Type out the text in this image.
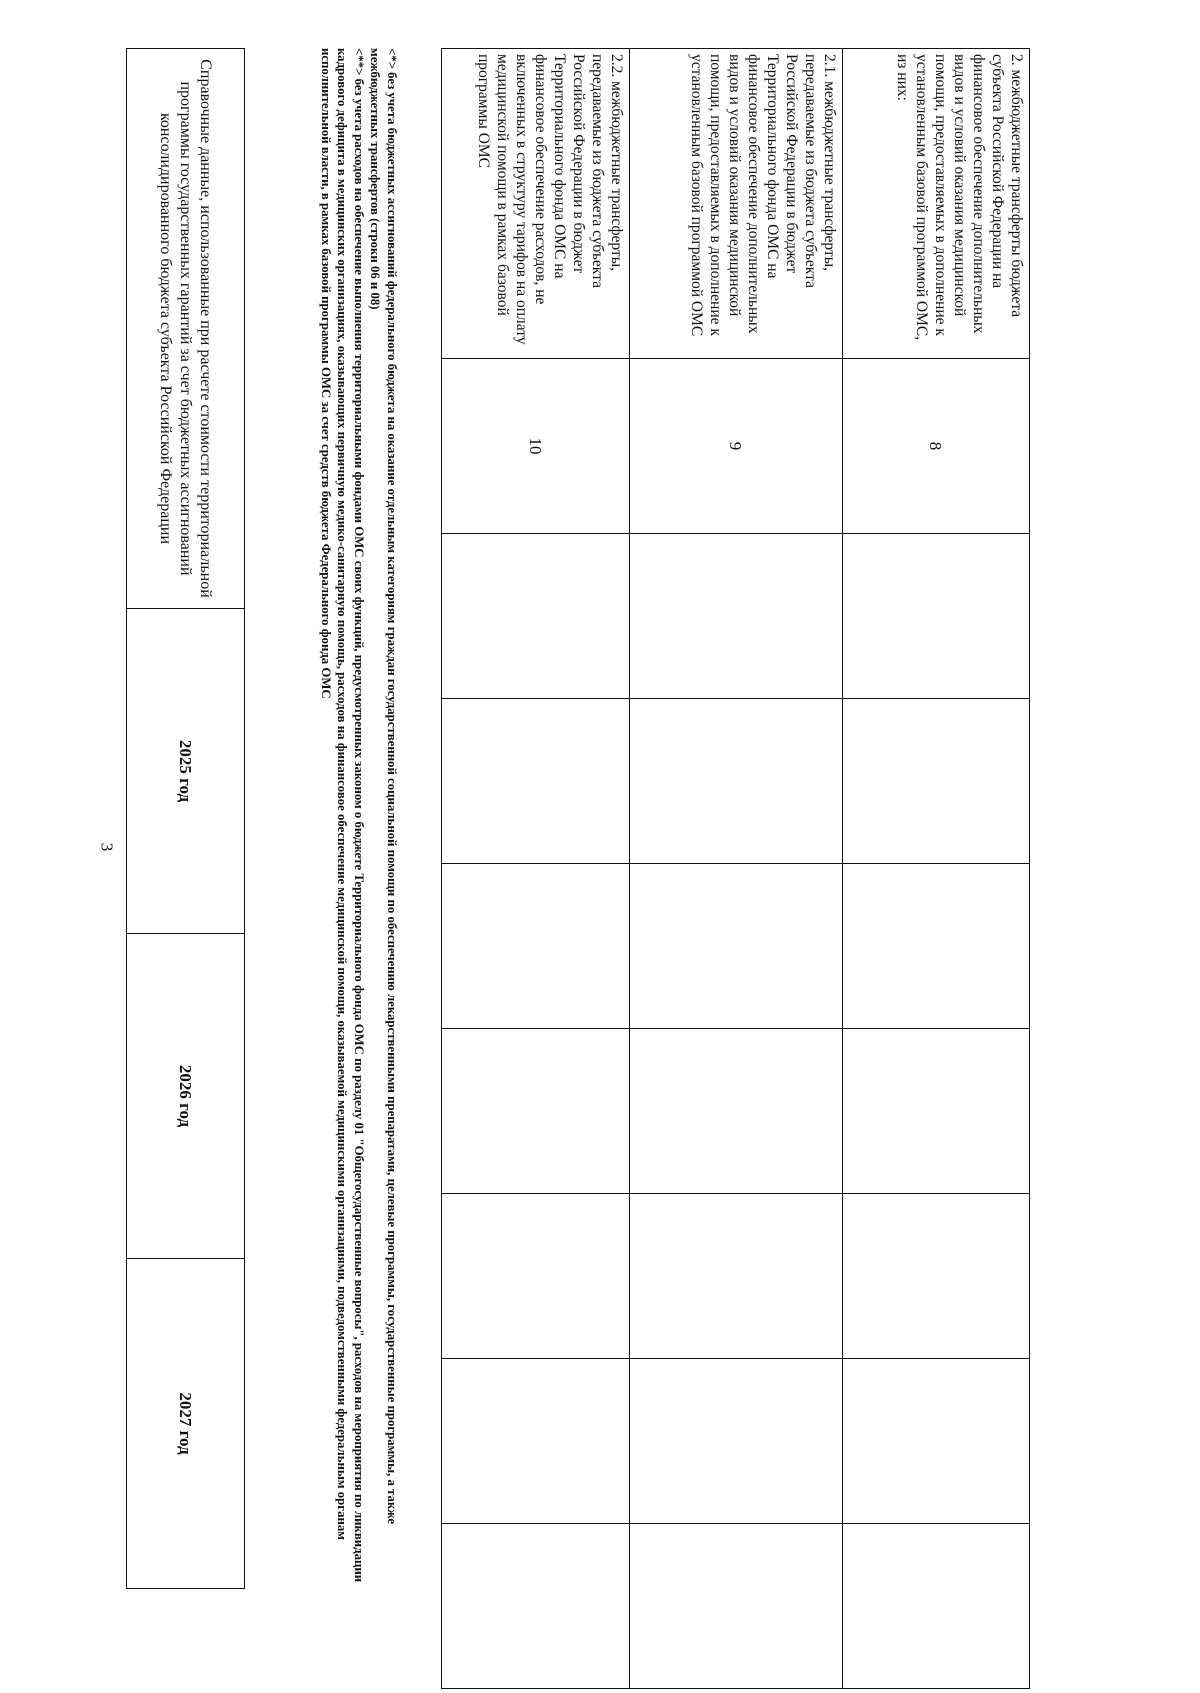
3
2. межбюджетные трансферты бюджета субъекта Российской Федерации на финансовое обеспечение дополнительных видов и условий оказания медицинской помощи, предоставляемых в дополнение к установленным базовой программой ОМС, из них:	8							
2.1. межбюджетные трансферты, передаваемые из бюджета субъекта Российской Федерации в бюджет Территориального фонда ОМС на финансовое обеспечение дополнительных видов и условий оказания медицинской помощи, предоставляемых в дополнение к установленным базовой программой ОМС	9							
2.2. межбюджетные трансферты, передаваемые из бюджета субъекта Российской Федерации в бюджет Территориального фонда ОМС на финансовое обеспечение расходов, не включенных в структуру тарифов на оплату медицинской помощи в рамках базовой программы ОМС	10							

<*> без учета бюджетных ассигнований федерального бюджета на оказание отдельным категориям граждан государственной социальной помощи по обеспечению лекарственными препаратами, целевые программы, государственные программы, а также межбюджетных трансфертов (строки 06 и 08)

<**> без учета расходов на обеспечение выполнения территориальными фондами ОМС своих функций, предусмотренных законом о бюджете Территориального фонда ОМС по разделу 01 "Общегосударственные вопросы", расходов на мероприятия по ликвидации кадрового дефицита в медицинских организациях, оказывающих первичную медико-санитарную помощь, расходов на финансовое обеспечение медицинской помощи, оказываемой медицинскими организациями, подведомственными федеральным органам исполнительной власти, в рамках базовой программы ОМС за счет средств бюджета Федерального фонда ОМС

Справочные данные, использованные при расчете стоимости территориальной программы государственных гарантий за счет бюджетных ассигнований консолидированного бюджета субъекта Российской Федерации	2025 год	2026 год	2027 год
